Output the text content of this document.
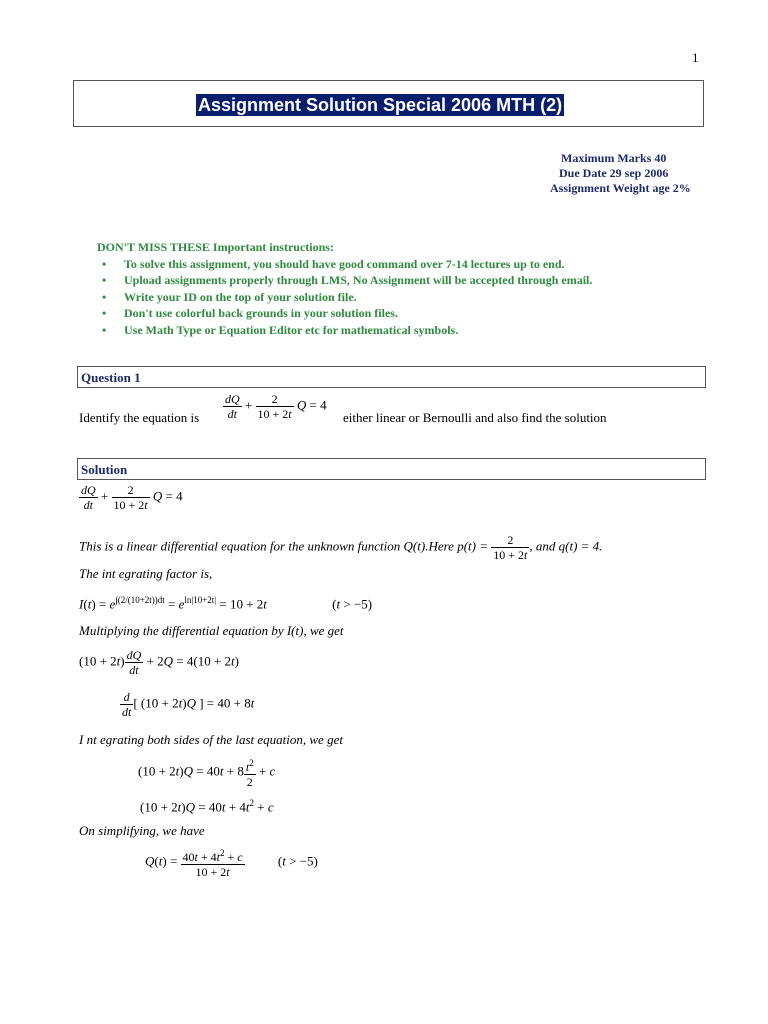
1
Assignment Solution Special 2006 MTH (2)
Maximum Marks 40
Due Date 29 sep 2006
Assignment Weight age 2%
DON'T MISS THESE Important instructions:
• To solve this assignment, you should have good command over 7-14 lectures up to end.
• Upload assignments properly through LMS, No Assignment will be accepted through email.
• Write your ID on the top of your solution file.
• Don't use colorful back grounds in your solution files.
• Use Math Type or Equation Editor etc for mathematical symbols.
Question 1
Identify the equation is $\frac{dQ}{dt} + \frac{2}{10 + 2t}$ Q = 4
either linear or Bernoulli and also find the solution
Solution
$\frac{dQ}{dt} + \frac{2}{10 + 2t}$ Q = 4
This is a linear differential equation for the unknown function Q(t).Here $p(t) = \frac{2}{10 + 2t}$ , and q(t) = 4.
The int egrating factor is,
$I(t) = e^{\int(2/(10+2t))dt} = e^{ln|10+2t|} = 10 + 2t$	(t > −5)
Multiplying the differential equation by I(t), we get
$(10 + 2t) \frac{dQ}{dt} + 2Q = 4(10 + 2t)$
$\frac{d}{dt}$ [ (10 + 2t)Q ] = 40 + 8t
I nt egrating both sides of the last equation, we get
$(10 + 2t)Q = 40t + 8 \frac{t^2}{2} + c$
$(10 + 2t)Q = 40t + 4t^2 + c$
On simplifying, we have
$Q(t) = \frac{40t + 4t^2 + c}{10 + 2t}$	(t > −5)
